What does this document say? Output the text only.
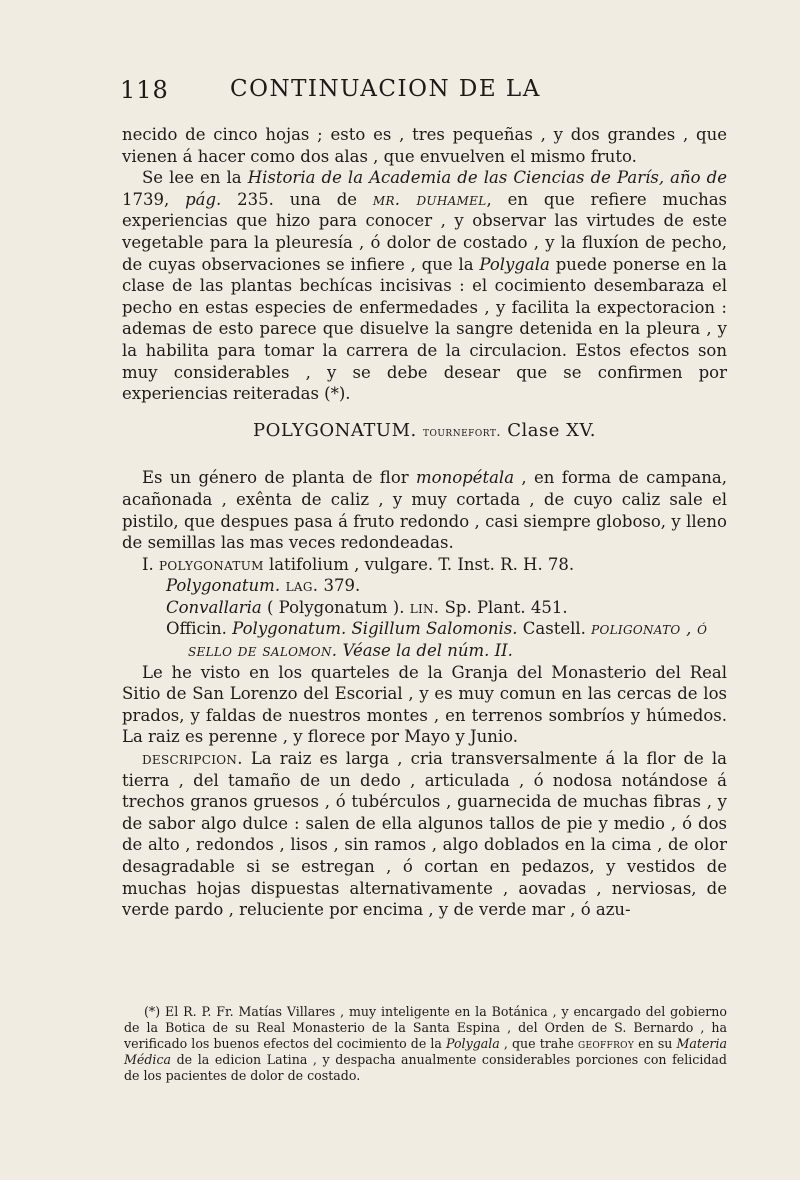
118	CONTINUACION DE LA

necido de cinco hojas ; esto es , tres pequeñas , y dos grandes , que vienen á hacer como dos alas , que envuelven el mismo fruto.

Se lee en la Historia de la Academia de las Ciencias de París, año de 1739, pág. 235. una de mr. duhamel, en que refiere muchas experiencias que hizo para conocer , y observar las virtudes de este vegetable para la pleuresía , ó dolor de costado , y la fluxíon de pecho, de cuyas observaciones se infiere , que la Polygala puede ponerse en la clase de las plantas bechícas incisivas : el cocimiento desembaraza el pecho en estas especies de enfermedades , y facilita la expectoracion : ademas de esto parece que disuelve la sangre detenida en la pleura , y la habilita para tomar la carrera de la circulacion. Estos efectos son muy considerables , y se debe desear que se confirmen por experiencias reiteradas (*).

POLYGONATUM. tournefort. Clase XV.

Es un género de planta de flor monopétala , en forma de campana, acañonada , exênta de caliz , y muy cortada , de cuyo caliz sale el pistilo, que despues pasa á fruto redondo , casi siempre globoso, y lleno de semillas las mas veces redondeadas.

I. polygonatum latifolium , vulgare. T. Inst. R. H. 78.

Polygonatum. lag. 379.

Convallaria ( Polygonatum ). lin. Sp. Plant. 451.

Officin. Polygonatum. Sigillum Salomonis. Castell. poligonato , ó sello de salomon. Véase la del núm. II.

Le he visto en los quarteles de la Granja del Monasterio del Real Sitio de San Lorenzo del Escorial , y es muy comun en las cercas de los prados, y faldas de nuestros montes , en terrenos sombríos y húmedos. La raiz es perenne , y florece por Mayo y Junio.

descripcion. La raiz es larga , cria transversalmente á la flor de la tierra , del tamaño de un dedo , articulada , ó nodosa notándose á trechos granos gruesos , ó tubérculos , guarnecida de muchas fibras , y de sabor algo dulce : salen de ella algunos tallos de pie y medio , ó dos de alto , redondos , lisos , sin ramos , algo doblados en la cima , de olor desagradable si se estregan , ó cortan en pedazos, y vestidos de muchas hojas dispuestas alternativamente , aovadas , nerviosas, de verde pardo , reluciente por encima , y de verde mar , ó azu-

(*) El R. P. Fr. Matías Villares , muy inteligente en la Botánica , y encargado del gobierno de la Botica de su Real Monasterio de la Santa Espina , del Orden de S. Bernardo , ha verificado los buenos efectos del cocimiento de la Polygala , que trahe geoffroy en su Materia Médica de la edicion Latina , y despacha anualmente considerables porciones con felicidad de los pacientes de dolor de costado.
